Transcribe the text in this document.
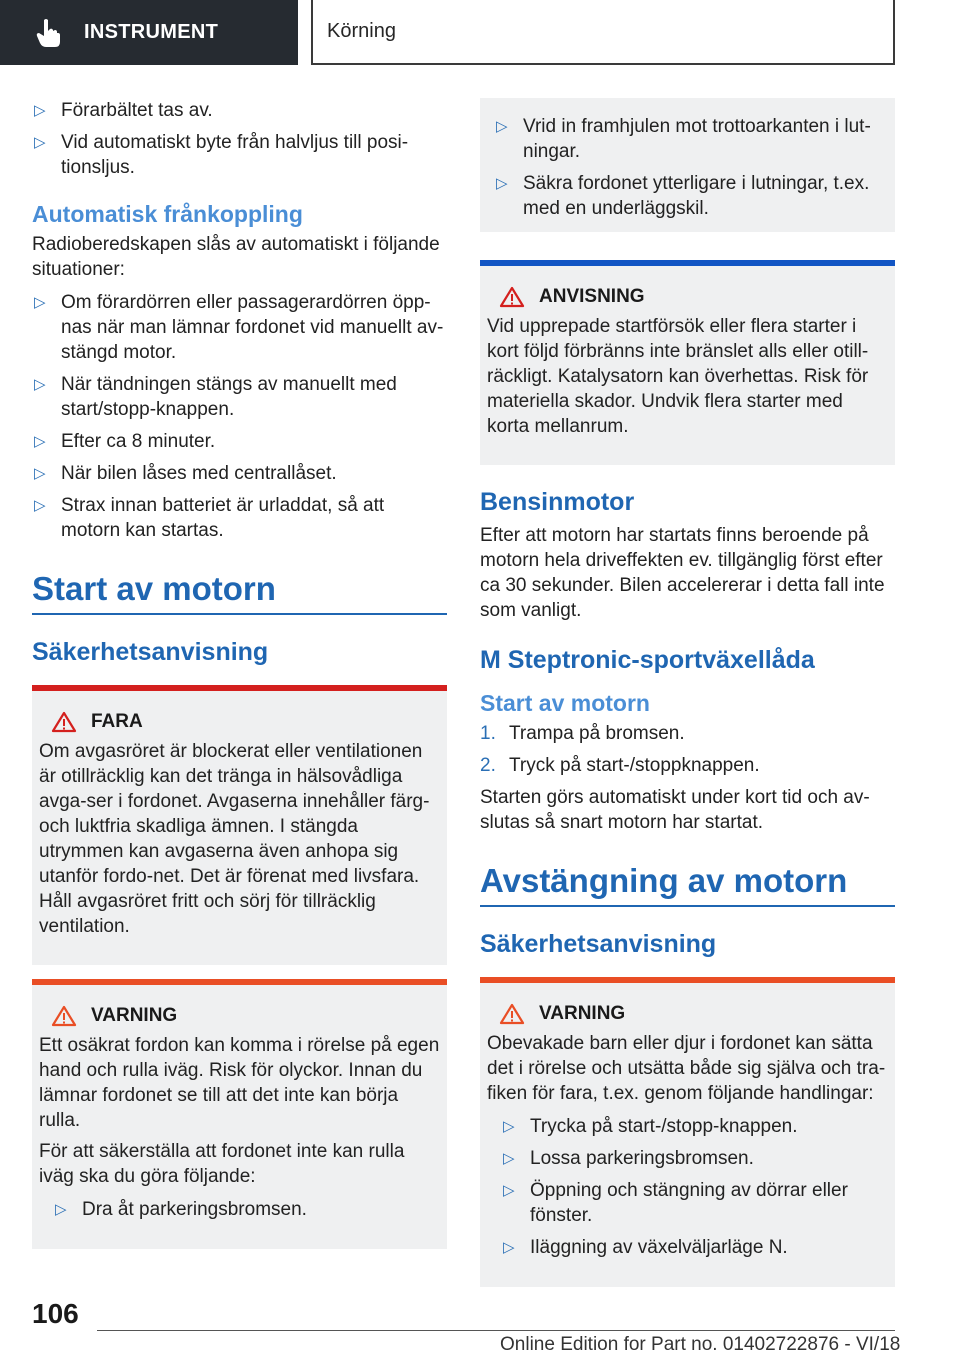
INSTRUMENT	Körning
▷ Förarbältet tas av.
▷ Vid automatiskt byte från halvljus till posi-tionsljus.
Automatisk frånkoppling
Radioberedskapen slås av automatiskt i följande situationer:
▷ Om förardörren eller passagerardörren öpp-nas när man lämnar fordonet vid manuellt av-stängd motor.
▷ När tändningen stängs av manuellt med start/stopp-knappen.
▷ Efter ca 8 minuter.
▷ När bilen låses med centrallåset.
▷ Strax innan batteriet är urladdat, så att motorn kan startas.
Start av motorn
Säkerhetsanvisning
FARA

Om avgasröret är blockerat eller ventilationen är otillräcklig kan det tränga in hälsovådliga avga-ser i fordonet. Avgaserna innehåller färg- och luktfria skadliga ämnen. I stängda utrymmen kan avgaserna även anhopa sig utanför fordo-net. Det är förenat med livsfara. Håll avgasröret fritt och sörj för tillräcklig ventilation.

VARNING

Ett osäkrat fordon kan komma i rörelse på egen hand och rulla iväg. Risk för olyckor. Innan du lämnar fordonet se till att det inte kan börja rulla.

För att säkerställa att fordonet inte kan rulla iväg ska du göra följande:

▷ Dra åt parkeringsbromsen.
▷ Vrid in framhjulen mot trottoarkanten i lut-ningar.
▷ Säkra fordonet ytterligare i lutningar, t.ex. med en underläggskil.
ANVISNING

Vid upprepade startförsök eller flera starter i kort följd förbränns inte bränslet alls eller otill-räckligt. Katalysatorn kan överhettas. Risk för materiella skador. Undvik flera starter med korta mellanrum.

Bensinmotor
Efter att motorn har startats finns beroende på motorn hela driveffekten ev. tillgänglig först efter ca 30 sekunder. Bilen accelererar i detta fall inte som vanligt.
M Steptronic-sportväxellåda
Start av motorn
1. Trampa på bromsen.
2. Tryck på start-/stoppknappen.
Starten görs automatiskt under kort tid och av-slutas så snart motorn har startat.
Avstängning av motorn
Säkerhetsanvisning
VARNING

Obevakade barn eller djur i fordonet kan sätta det i rörelse och utsätta både sig själva och tra-fiken för fara, t.ex. genom följande handlingar:

▷ Trycka på start-/stopp-knappen.
▷ Lossa parkeringsbromsen.
▷ Öppning och stängning av dörrar eller fönster.
▷ Iläggning av växelväljarläge N.
106
Online Edition for Part no. 01402722876 - VI/18
